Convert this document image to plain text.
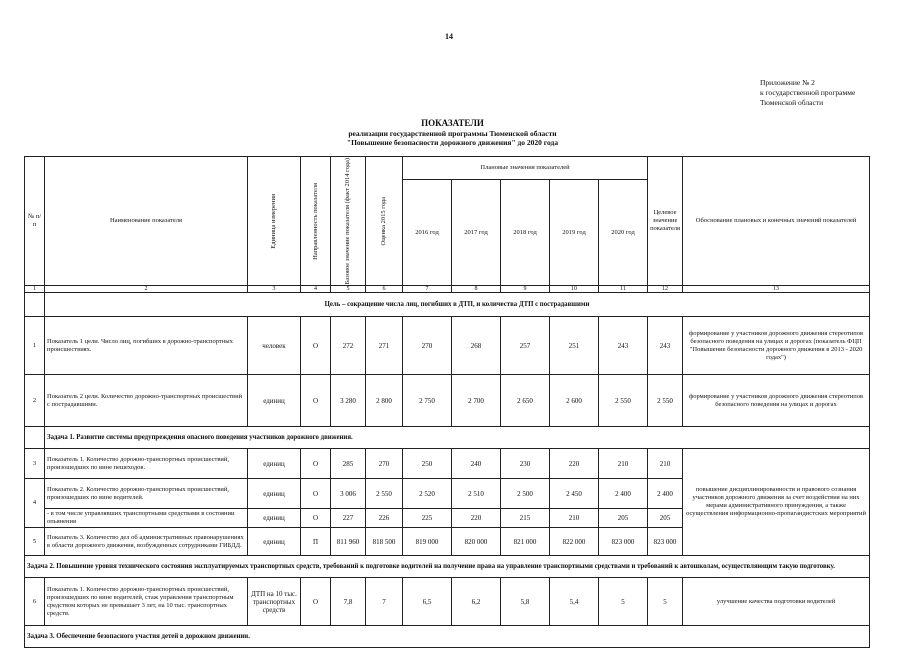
14
Приложение № 2
к государственной программе
Тюменской области
ПОКАЗАТЕЛИ
реализации государственной программы Тюменской области
"Повышение безопасности дорожного движения" до 2020 года
№ п/п	Наименование показателя	Единица измерения	Направленность показателя	Базовое значение показателя (факт 2014 года)	Оценка 2015 года	Плановые значения показателей					Целевое значение показателя	Обоснование плановых и конечных значений показателей
						2016 год	2017 год	2018 год	2019 год	2020 год		
1	2	3	4	5	6	7	8	9	10	11	12	13
	Цель – сокращение числа лиц, погибших в ДТП, и количества ДТП с пострадавшими											
1	Показатель 1 цели. Число лиц, погибших в дорожно-транспортных происшествиях.	человек	О	272	271	270	268	257	251	243	243	формирование у участников дорожного движения стереотипов безопасного поведения на улицах и дорогах (показатель ФЦП "Повышение безопасности дорожного движения в 2013 - 2020 годах")
2	Показатель 2 цели. Количество дорожно-транспортных происшествий с пострадавшими.	единиц	О	3 280	2 800	2 750	2 700	2 650	2 600	2 550	2 550	формирование у участников дорожного движения стереотипов безопасного поведения на улицах и дорогах
	Задача 1. Развитие системы предупреждения опасного поведения участников дорожного движения.											
3	Показатель 1. Количество дорожно-транспортных происшествий, произошедших по вине пешеходов.	единиц	О	285	270	250	240	230	220	210	210	повышение дисциплинированности и правового сознания участников дорожного движения за счет воздействия на них мерами административного принуждения, а также осуществления информационно-пропагандистских мероприятий
4	Показатель 2. Количество дорожно-транспортных происшествий, произошедших по вине водителей.	единиц	О	3 006	2 550	2 520	2 510	2 500	2 450	2 400	2 400	
	- в том числе управлявших транспортными средствами в состоянии опьянения	единиц	О	227	226	225	220	215	210	205	205	
5	Показатель 3. Количество дел об административных правонарушениях в области дорожного движения, возбужденных сотрудниками ГИБДД.	единиц	П	811 960	818 500	819 000	820 000	821 000	822 000	823 000	823 000	
Задача 2. Повышение уровня технического состояния эксплуатируемых транспортных средств, требований к подготовке водителей на получение права на управление транспортными средствами и требований к автошколам, осуществляющим такую подготовку.												
6	Показатель 1. Количество дорожно-транспортных происшествий, произошедших по вине водителей, стаж управления транспортным средством которых не превышает 3 лет, на 10 тыс. транспортных средств.	ДТП на 10 тыс. транспортных средств	О	7,8	7	6,5	6,2	5,8	5,4	5	5	улучшение качества подготовки водителей
Задача 3. Обеспечение безопасного участия детей в дорожном движении.												
